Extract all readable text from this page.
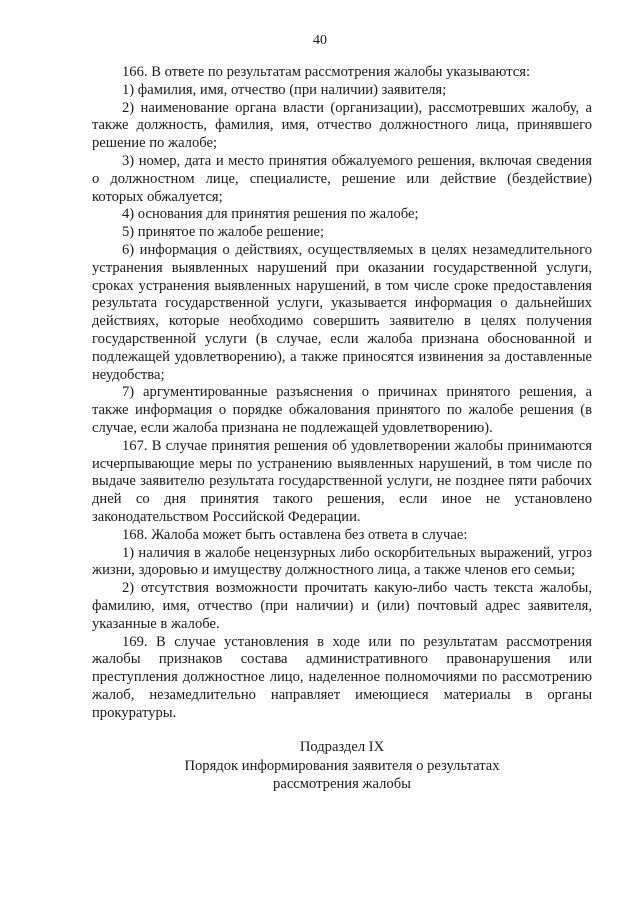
40

166. В ответе по результатам рассмотрения жалобы указываются:

1) фамилия, имя, отчество (при наличии) заявителя;

2) наименование органа власти (организации), рассмотревших жалобу, а также должность, фамилия, имя, отчество должностного лица, принявшего решение по жалобе;

3) номер, дата и место принятия обжалуемого решения, включая сведения о должностном лице, специалисте, решение или действие (бездействие) которых обжалуется;

4) основания для принятия решения по жалобе;

5) принятое по жалобе решение;

6) информация о действиях, осуществляемых в целях незамедлительного устранения выявленных нарушений при оказании государственной услуги, сроках устранения выявленных нарушений, в том числе сроке предоставления результата государственной услуги, указывается информация о дальнейших действиях, которые необходимо совершить заявителю в целях получения государственной услуги (в случае, если жалоба признана обоснованной и подлежащей удовлетворению), а также приносятся извинения за доставленные неудобства;

7) аргументированные разъяснения о причинах принятого решения, а также информация о порядке обжалования принятого по жалобе решения (в случае, если жалоба признана не подлежащей удовлетворению).

167. В случае принятия решения об удовлетворении жалобы принимаются исчерпывающие меры по устранению выявленных нарушений, в том числе по выдаче заявителю результата государственной услуги, не позднее пяти рабочих дней со дня принятия такого решения, если иное не установлено законодательством Российской Федерации.

168. Жалоба может быть оставлена без ответа в случае:

1) наличия в жалобе нецензурных либо оскорбительных выражений, угроз жизни, здоровью и имуществу должностного лица, а также членов его семьи;

2) отсутствия возможности прочитать какую-либо часть текста жалобы, фамилию, имя, отчество (при наличии) и (или) почтовый адрес заявителя, указанные в жалобе.

169. В случае установления в ходе или по результатам рассмотрения жалобы признаков состава административного правонарушения или преступления должностное лицо, наделенное полномочиями по рассмотрению жалоб, незамедлительно направляет имеющиеся материалы в органы прокуратуры.

Подраздел IX
Порядок информирования заявителя о результатах
рассмотрения жалобы
